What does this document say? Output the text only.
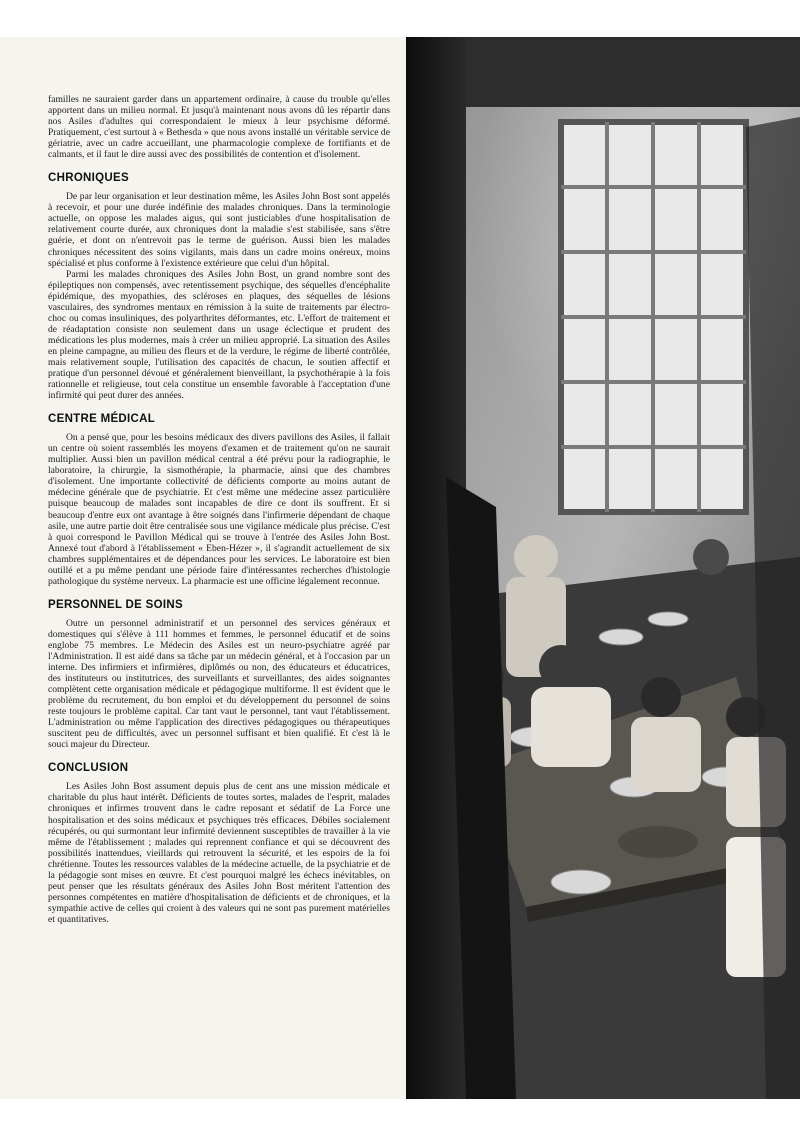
familles ne sauraient garder dans un appartement ordinaire, à cause du trouble qu'elles apportent dans un milieu normal. Et jusqu'à maintenant nous avons dû les répartir dans nos Asiles d'adultes qui correspondaient le mieux à leur psychisme déformé. Pratiquement, c'est surtout à « Bethesda » que nous avons installé un véritable service de gériatrie, avec un cadre accueillant, une pharmacologie complexe de fortifiants et de calmants, et il faut le dire aussi avec des possibilités de contention et d'isolement.

CHRONIQUES

De par leur organisation et leur destination même, les Asiles John Bost sont appelés à recevoir, et pour une durée indéfinie des malades chroniques. Dans la terminologie actuelle, on oppose les malades aigus, qui sont justiciables d'une hospitalisation de relativement courte durée, aux chroniques dont la maladie s'est stabilisée, sans s'être guérie, et dont on n'entrevoit pas le terme de guérison. Aussi bien les malades chroniques nécessitent des soins vigilants, mais dans un cadre moins onéreux, moins spécialisé et plus conforme à l'existence extérieure que celui d'un hôpital.

Parmi les malades chroniques des Asiles John Bost, un grand nombre sont des épileptiques non compensés, avec retentissement psychique, des séquelles d'encéphalite épidémique, des myopathies, des scléroses en plaques, des séquelles de lésions vasculaires, des syndromes mentaux en rémission à la suite de traitements par électro-choc ou comas insuliniques, des polyarthrites déformantes, etc. L'effort de traitement et de réadaptation consiste non seulement dans un usage éclectique et prudent des médications les plus modernes, mais à créer un milieu approprié. La situation des Asiles en pleine campagne, au milieu des fleurs et de la verdure, le régime de liberté contrôlée, mais relativement souple, l'utilisation des capacités de chacun, le soutien affectif et pratique d'un personnel dévoué et généralement bienveillant, la psychothérapie à la fois rationnelle et religieuse, tout cela constitue un ensemble favorable à l'acceptation d'une infirmité qui peut durer des années.

CENTRE MÉDICAL

On a pensé que, pour les besoins médicaux des divers pavillons des Asiles, il fallait un centre où soient rassemblés les moyens d'examen et de traitement qu'on ne saurait multiplier. Aussi bien un pavillon médical central a été prévu pour la radiographie, le laboratoire, la chirurgie, la sismothérapie, la pharmacie, ainsi que des chambres d'isolement. Une importante collectivité de déficients comporte au moins autant de médecine générale que de psychiatrie. Et c'est même une médecine assez particulière puisque beaucoup de malades sont incapables de dire ce dont ils souffrent. Et si beaucoup d'entre eux ont avantage à être soignés dans l'infirmerie dépendant de chaque asile, une autre partie doit être centralisée sous une vigilance médicale plus précise. C'est à quoi correspond le Pavillon Médical qui se trouve à l'entrée des Asiles John Bost. Annexé tout d'abord à l'établissement « Eben-Hézer », il s'agrandit actuellement de six chambres supplémentaires et de dépendances pour les services. Le laboratoire est bien outillé et a pu même pendant une période faire d'intéressantes recherches d'histologie pathologique du système nerveux. La pharmacie est une officine légalement reconnue.

PERSONNEL DE SOINS

Outre un personnel administratif et un personnel des services généraux et domestiques qui s'élève à 111 hommes et femmes, le personnel éducatif et de soins englobe 75 membres. Le Médecin des Asiles est un neuro-psychiatre agréé par l'Administration. Il est aidé dans sa tâche par un médecin général, et à l'occasion par un interne. Des infirmiers et infirmières, diplômés ou non, des éducateurs et éducatrices, des instituteurs ou institutrices, des surveillants et surveillantes, des aides soignantes complètent cette organisation médicale et pédagogique multiforme. Il est évident que le problème du recrutement, du bon emploi et du développement du personnel de soins reste toujours le problème capital. Car tant vaut le personnel, tant vaut l'établissement. L'administration ou même l'application des directives pédagogiques ou thérapeutiques suscitent peu de difficultés, avec un personnel suffisant et bien qualifié. Et c'est là le souci majeur du Directeur.

CONCLUSION

Les Asiles John Bost assument depuis plus de cent ans une mission médicale et charitable du plus haut intérêt. Déficients de toutes sortes, malades de l'esprit, malades chroniques et infirmes trouvent dans le cadre reposant et sédatif de La Force une hospitalisation et des soins médicaux et psychiques très efficaces. Débiles socialement récupérés, ou qui surmontant leur infirmité deviennent susceptibles de travailler à la vie même de l'établissement ; malades qui reprennent confiance et qui se découvrent des possibilités inattendues, vieillards qui retrouvent la sécurité, et les espoirs de la foi chrétienne. Toutes les ressources valables de la médecine actuelle, de la psychiatrie et de la pédagogie sont mises en œuvre. Et c'est pourquoi malgré les échecs inévitables, on peut penser que les résultats généraux des Asiles John Bost méritent l'attention des personnes compétentes en matière d'hospitalisation de déficients et de chroniques, et la sympathie active de celles qui croient à des valeurs qui ne sont pas purement matérielles et quantitatives.
